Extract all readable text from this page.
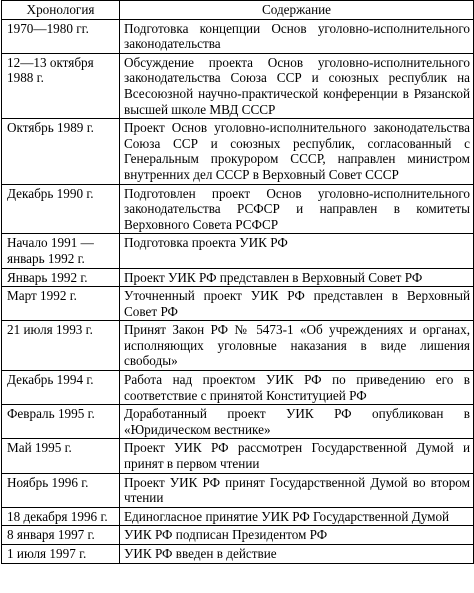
Хронология	Содержание
1970—1980 гг.	Подготовка концепции Основ уголовно-исполнительного законодательства
12—13 октября 1988 г.	Обсуждение проекта Основ уголовно-исполнительного законодательства Союза ССР и союзных республик на Всесоюзной научно-практической конференции в Рязанской высшей школе МВД СССР
Октябрь 1989 г.	Проект Основ уголовно-исполнительного законодательства Союза ССР и союзных республик, согласованный с Генеральным прокурором СССР, направлен министром внутренних дел СССР в Верховный Совет СССР
Декабрь 1990 г.	Подготовлен проект Основ уголовно-исполнительного законодательства РСФСР и направлен в комитеты Верховного Совета РСФСР
Начало 1991 — январь 1992 г.	Подготовка проекта УИК РФ
Январь 1992 г.	Проект УИК РФ представлен в Верховный Совет РФ
Март 1992 г.	Уточненный проект УИК РФ представлен в Верховный Совет РФ
21 июля 1993 г.	Принят Закон РФ № 5473-1 «Об учреждениях и органах, исполняющих уголовные наказания в виде лишения свободы»
Декабрь 1994 г.	Работа над проектом УИК РФ по приведению его в соответствие с принятой Конституцией РФ
Февраль 1995 г.	Доработанный проект УИК РФ опубликован в «Юридическом вестнике»
Май 1995 г.	Проект УИК РФ рассмотрен Государственной Думой и принят в первом чтении
Ноябрь 1996 г.	Проект УИК РФ принят Государственной Думой во втором чтении
18 декабря 1996 г.	Единогласное принятие УИК РФ Государственной Думой
8 января 1997 г.	УИК РФ подписан Президентом РФ
1 июля 1997 г.	УИК РФ введен в действие
